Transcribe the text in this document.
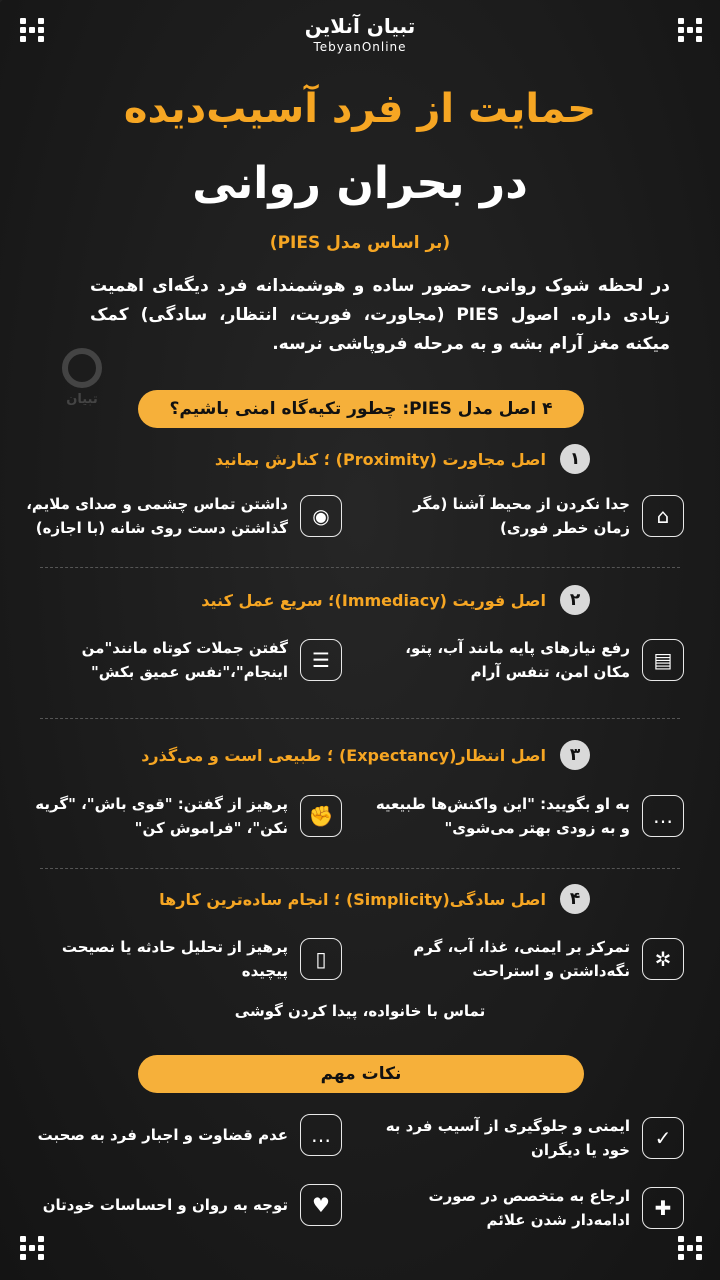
تبیان آنلاین
TebyanOnline
تبیان
حمایت از فرد آسیب‌دیده
در بحران روانی
(بر اساس مدل PIES)
در لحظه شوک روانی، حضور ساده و هوشمندانه فرد دیگه‌ای اهمیت زیادی داره. اصول PIES (مجاورت، فوریت، انتظار، سادگی) کمک میکنه مغز آرام بشه و به مرحله فروپاشی نرسه.
۴ اصل مدل PIES: چطور تکیه‌گاه امنی باشیم؟
۱
اصل مجاورت (Proximity) ؛ کنارش بمانید
⌂
جدا نکردن از محیط آشنا (مگر زمان خطر فوری)
◉
داشتن تماس چشمی و صدای ملایم، گذاشتن دست روی شانه (با اجازه)
۲
اصل فوریت (Immediacy)؛ سریع عمل کنید
▤
رفع نیازهای پایه مانند آب، پتو، مکان امن، تنفس آرام
☰
گفتن جملات کوتاه مانند"من اینجام"،"نفس عمیق بکش"
۳
اصل انتظار(Expectancy) ؛ طبیعی است و می‌گذرد
…
به او بگویید: "این واکنش‌ها طبیعیه و به زودی بهتر می‌شوی"
✊
پرهیز از گفتن: "قوی باش"، "گریه نکن"، "فراموش کن"
۴
اصل سادگی(Simplicity) ؛ انجام ساده‌ترین کارها
✲
تمرکز بر ایمنی، غذا، آب، گرم نگه‌داشتن و استراحت
▯
پرهیز از تحلیل حادثه یا نصیحت پیچیده
تماس با خانواده، پیدا کردن گوشی
نکات مهم
✓
ایمنی و جلوگیری از آسیب فرد به خود یا دیگران
…
عدم قضاوت و اجبار فرد به صحبت
✚
ارجاع به متخصص در صورت ادامه‌دار شدن علائم
♥
توجه به روان و احساسات خودتان
